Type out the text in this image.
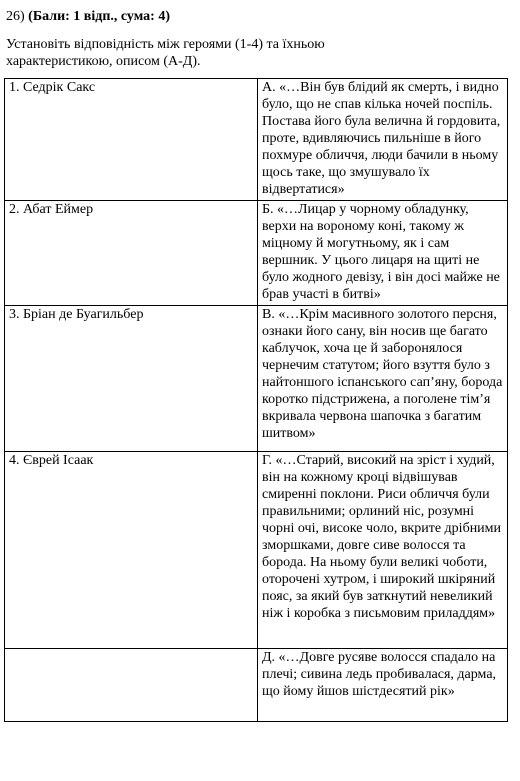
26) (Бали: 1 відп., сума: 4)
Установіть відповідність між героями (1-4) та їхньою характеристикою, описом (А-Д).
1. Седрік Сакс	А. «…Він був блідий як смерть, і видно було, що не спав кілька ночей поспіль. Постава його була велична й гордовита, проте, вдивляючись пильніше в його похмуре обличчя, люди бачили в ньому щось таке, що змушувало їх відвертатися»
2. Абат Еймер	Б. «…Лицар у чорному обладунку, верхи на вороному коні, такому ж міцному й могутньому, як і сам вершник. У цього лицаря на щиті не було жодного девізу, і він досі майже не брав участі в битві»
3. Бріан де Буагильбер	В. «…Крім масивного золотого персня, ознаки його сану, він носив ще багато каблучок, хоча це й заборонялося чернечим статутом; його взуття було з найтоншого іспанського сап’яну, борода коротко підстрижена, а поголене тім’я вкривала червона шапочка з багатим шитвом»
4. Єврей Ісаак	Г. «…Старий, високий на зріст і худий, він на кожному кроці відвішував смиренні поклони. Риси обличчя були правильними; орлиний ніс, розумні чорні очі, високе чоло, вкрите дрібними зморшками, довге сиве волосся та борода. На ньому були великі чоботи, оторочені хутром, і широкий шкіряний пояс, за який був заткнутий невеликий ніж і коробка з письмовим приладдям»
	Д. «…Довге русяве волосся спадало на плечі; сивина ледь пробивалася, дарма, що йому йшов шістдесятий рік»
